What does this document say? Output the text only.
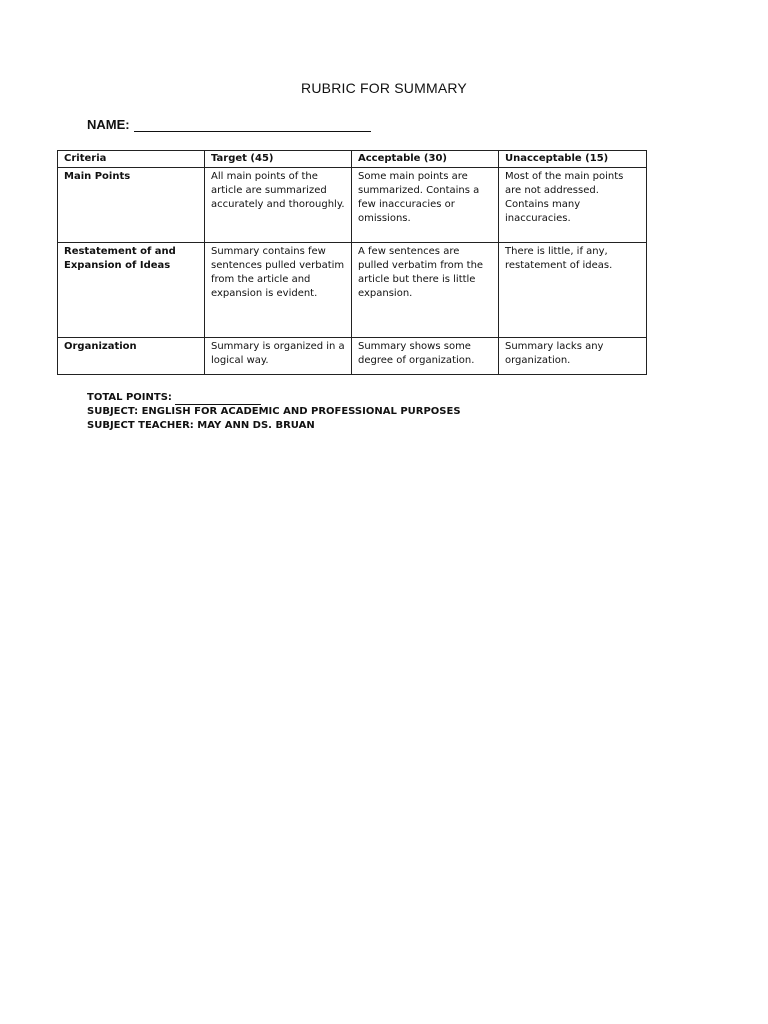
RUBRIC FOR SUMMARY
NAME:
Criteria	Target (45)	Acceptable (30)	Unacceptable (15)
Main Points	All main points of the article are summarized accurately and thoroughly.	Some main points are summarized. Contains a few inaccuracies or omissions.	Most of the main points are not addressed. Contains many inaccuracies.
Restatement of and Expansion of Ideas	Summary contains few sentences pulled verbatim from the article and expansion is evident.	A few sentences are pulled verbatim from the article but there is little expansion.	There is little, if any, restatement of ideas.
Organization	Summary is organized in a logical way.	Summary shows some degree of organization.	Summary lacks any organization.
TOTAL POINTS:
SUBJECT: ENGLISH FOR ACADEMIC AND PROFESSIONAL PURPOSES
SUBJECT TEACHER: MAY ANN DS. BRUAN
